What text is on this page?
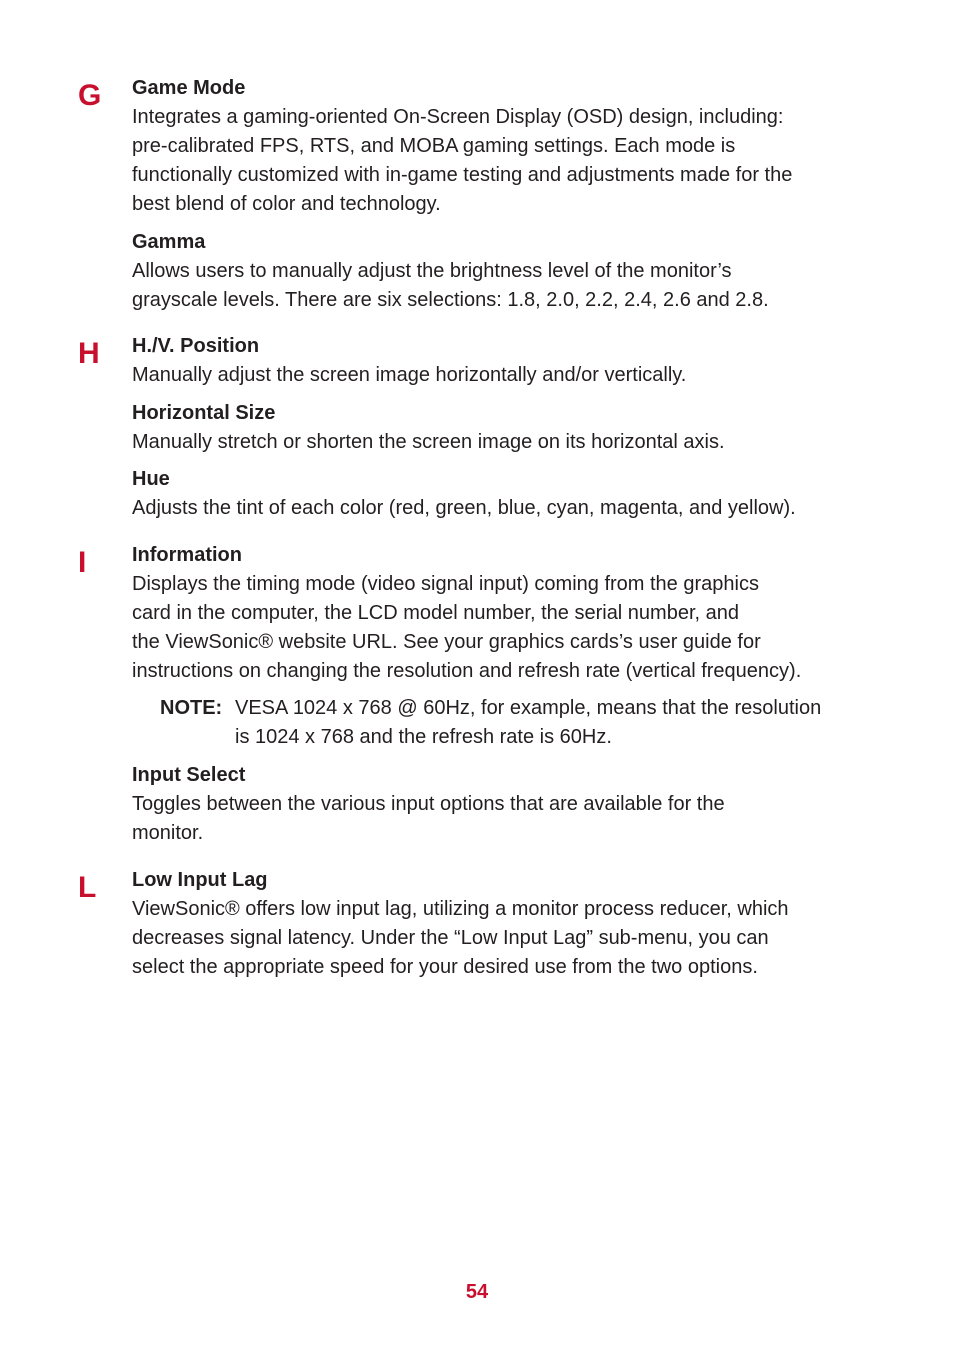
G Game Mode
Integrates a gaming-oriented On-Screen Display (OSD) design, including:
pre-calibrated FPS, RTS, and MOBA gaming settings. Each mode is
functionally customized with in-game testing and adjustments made for the
best blend of color and technology.
Gamma
Allows users to manually adjust the brightness level of the monitor’s
grayscale levels. There are six selections: 1.8, 2.0, 2.2, 2.4, 2.6 and 2.8.
H H./V. Position
Manually adjust the screen image horizontally and/or vertically.
Horizontal Size
Manually stretch or shorten the screen image on its horizontal axis.
Hue
Adjusts the tint of each color (red, green, blue, cyan, magenta, and yellow).
I Information
Displays the timing mode (video signal input) coming from the graphics
card in the computer, the LCD model number, the serial number, and
the ViewSonic® website URL. See your graphics cards’s user guide for
instructions on changing the resolution and refresh rate (vertical frequency).
NOTE: VESA 1024 x 768 @ 60Hz, for example, means that the resolution
is 1024 x 768 and the refresh rate is 60Hz.
Input Select
Toggles between the various input options that are available for the
monitor.
L Low Input Lag
ViewSonic® offers low input lag, utilizing a monitor process reducer, which
decreases signal latency. Under the “Low Input Lag” sub-menu, you can
select the appropriate speed for your desired use from the two options.
54
